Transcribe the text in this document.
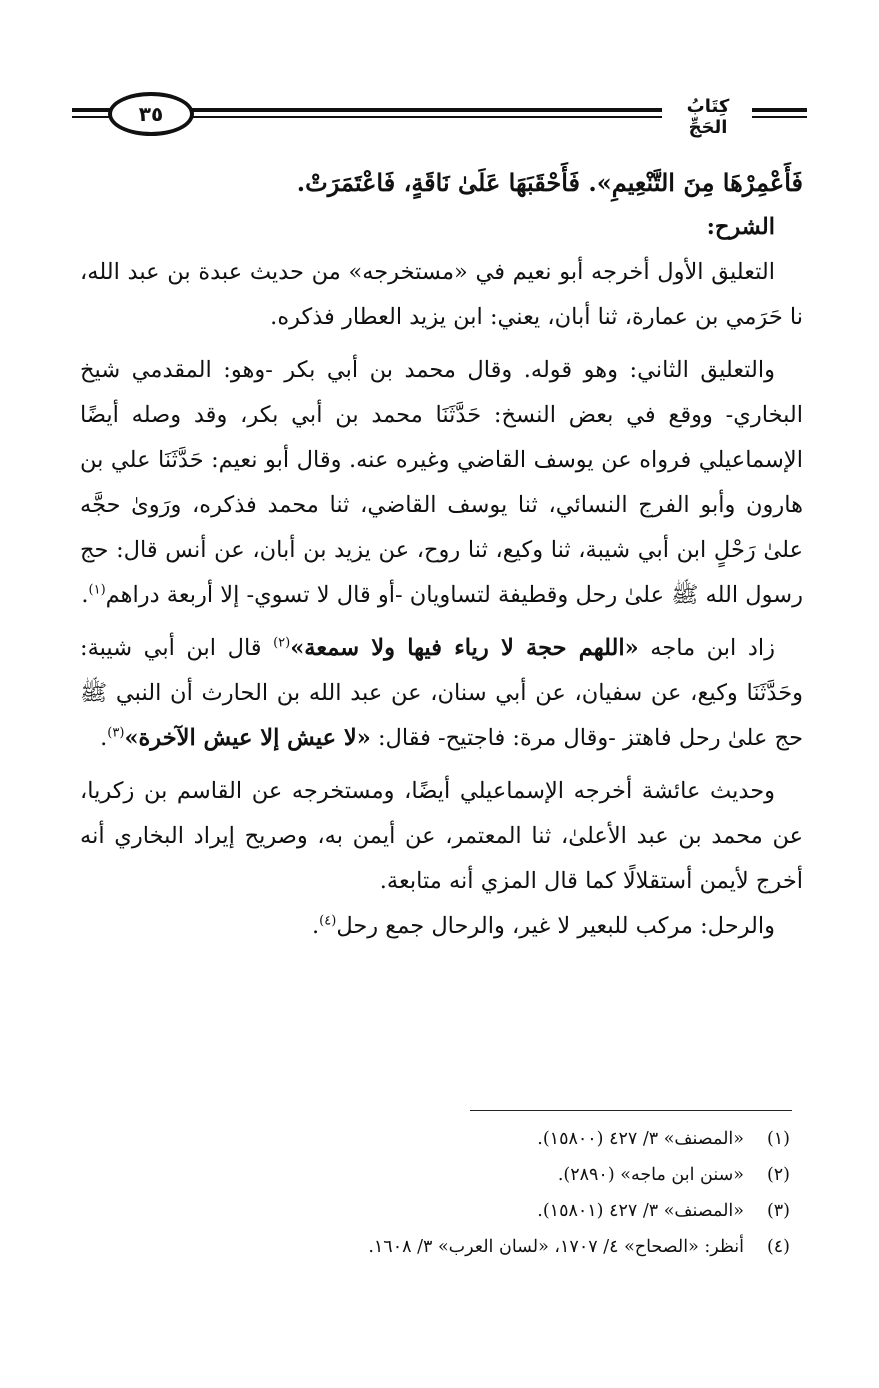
٣٥	كِتَابُ الحَجِّ

فَأَعْمِرْهَا مِنَ التَّنْعِيمِ». فَأَحْقَبَهَا عَلَىٰ نَاقَةٍ، فَاعْتَمَرَتْ.

الشرح:

التعليق الأول أخرجه أبو نعيم في «مستخرجه» من حديث عبدة بن عبد الله، نا حَرَمي بن عمارة، ثنا أبان، يعني: ابن يزيد العطار فذكره.

والتعليق الثاني: وهو قوله. وقال محمد بن أبي بكر -وهو: المقدمي شيخ البخاري- ووقع في بعض النسخ: حَدَّثَنَا محمد بن أبي بكر، وقد وصله أيضًا الإسماعيلي فرواه عن يوسف القاضي وغيره عنه. وقال أبو نعيم: حَدَّثَنَا علي بن هارون وأبو الفرج النسائي، ثنا يوسف القاضي، ثنا محمد فذكره، ورَوىٰ حجَّه علىٰ رَحْلٍ ابن أبي شيبة، ثنا وكيع، ثنا روح، عن يزيد بن أبان، عن أنس قال: حج رسول الله ﷺ علىٰ رحل وقطيفة لتساويان -أو قال لا تسوي- إلا أربعة دراهم$^{(١)}$.

زاد ابن ماجه «اللهم حجة لا رياء فيها ولا سمعة»$^{(٢)}$ قال ابن أبي شيبة: وحَدَّثَنَا وكيع، عن سفيان، عن أبي سنان، عن عبد الله بن الحارث أن النبي ﷺ حج علىٰ رحل فاهتز -وقال مرة: فاجتيح- فقال: «لا عيش إلا عيش الآخرة»$^{(٣)}$.

وحديث عائشة أخرجه الإسماعيلي أيضًا، ومستخرجه عن القاسم بن زكريا، عن محمد بن عبد الأعلىٰ، ثنا المعتمر، عن أيمن به، وصريح إيراد البخاري أنه أخرج لأيمن أستقلالًا كما قال المزي أنه متابعة.

والرحل: مركب للبعير لا غير، والرحال جمع رحل$^{(٤)}$.

(١)«المصنف» ٣/ ٤٢٧ (١٥٨٠٠).

(٢)«سنن ابن ماجه» (٢٨٩٠).

(٣)«المصنف» ٣/ ٤٢٧ (١٥٨٠١).

(٤)أنظر: «الصحاح» ٤/ ١٧٠٧، «لسان العرب» ٣/ ١٦٠٨.
